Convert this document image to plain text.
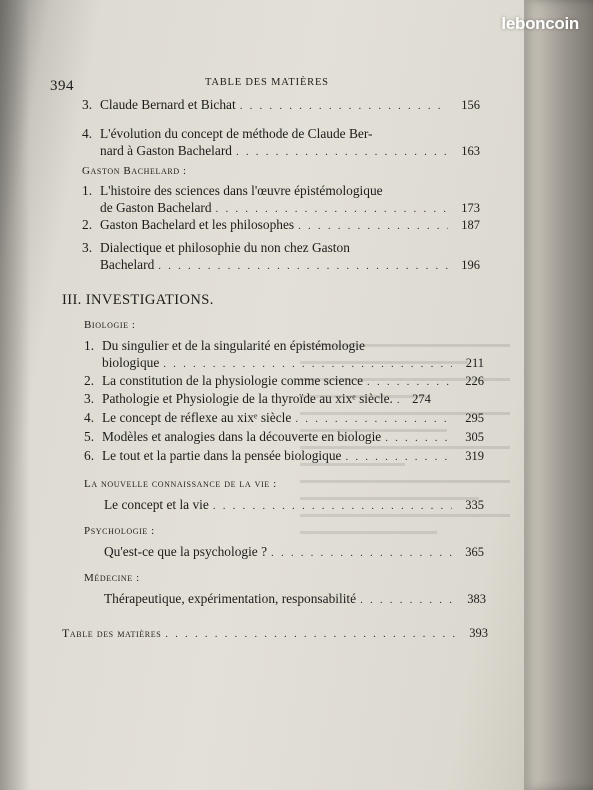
leboncoin
394	TABLE DES MATIÈRES
3. Claude Bernard et Bichat . . .	156
4. L'évolution du concept de méthode de Claude Ber-
nard à Gaston Bachelard . . .	163
Gaston Bachelard :
1. L'histoire des sciences dans l'œuvre épistémologique
de Gaston Bachelard . . .	173
2. Gaston Bachelard et les philosophes . . .	187
3. Dialectique et philosophie du non chez Gaston
Bachelard . . .	196
III. INVESTIGATIONS.
Biologie :
1. Du singulier et de la singularité en épistémologie
biologique . . .	211
2. La constitution de la physiologie comme science . . .	226
3. Pathologie et Physiologie de la thyroïde au xixᵉ siècle. . . .	274
4. Le concept de réflexe au xixᵉ siècle . . .	295
5. Modèles et analogies dans la découverte en biologie . . .	305
6. Le tout et la partie dans la pensée biologique . . .	319
La nouvelle connaissance de la vie :
Le concept et la vie . . .	335
Psychologie :
Qu'est-ce que la psychologie ? . . .	365
Médecine :
Thérapeutique, expérimentation, responsabilité . . .	383
Table des matières . . .	393
